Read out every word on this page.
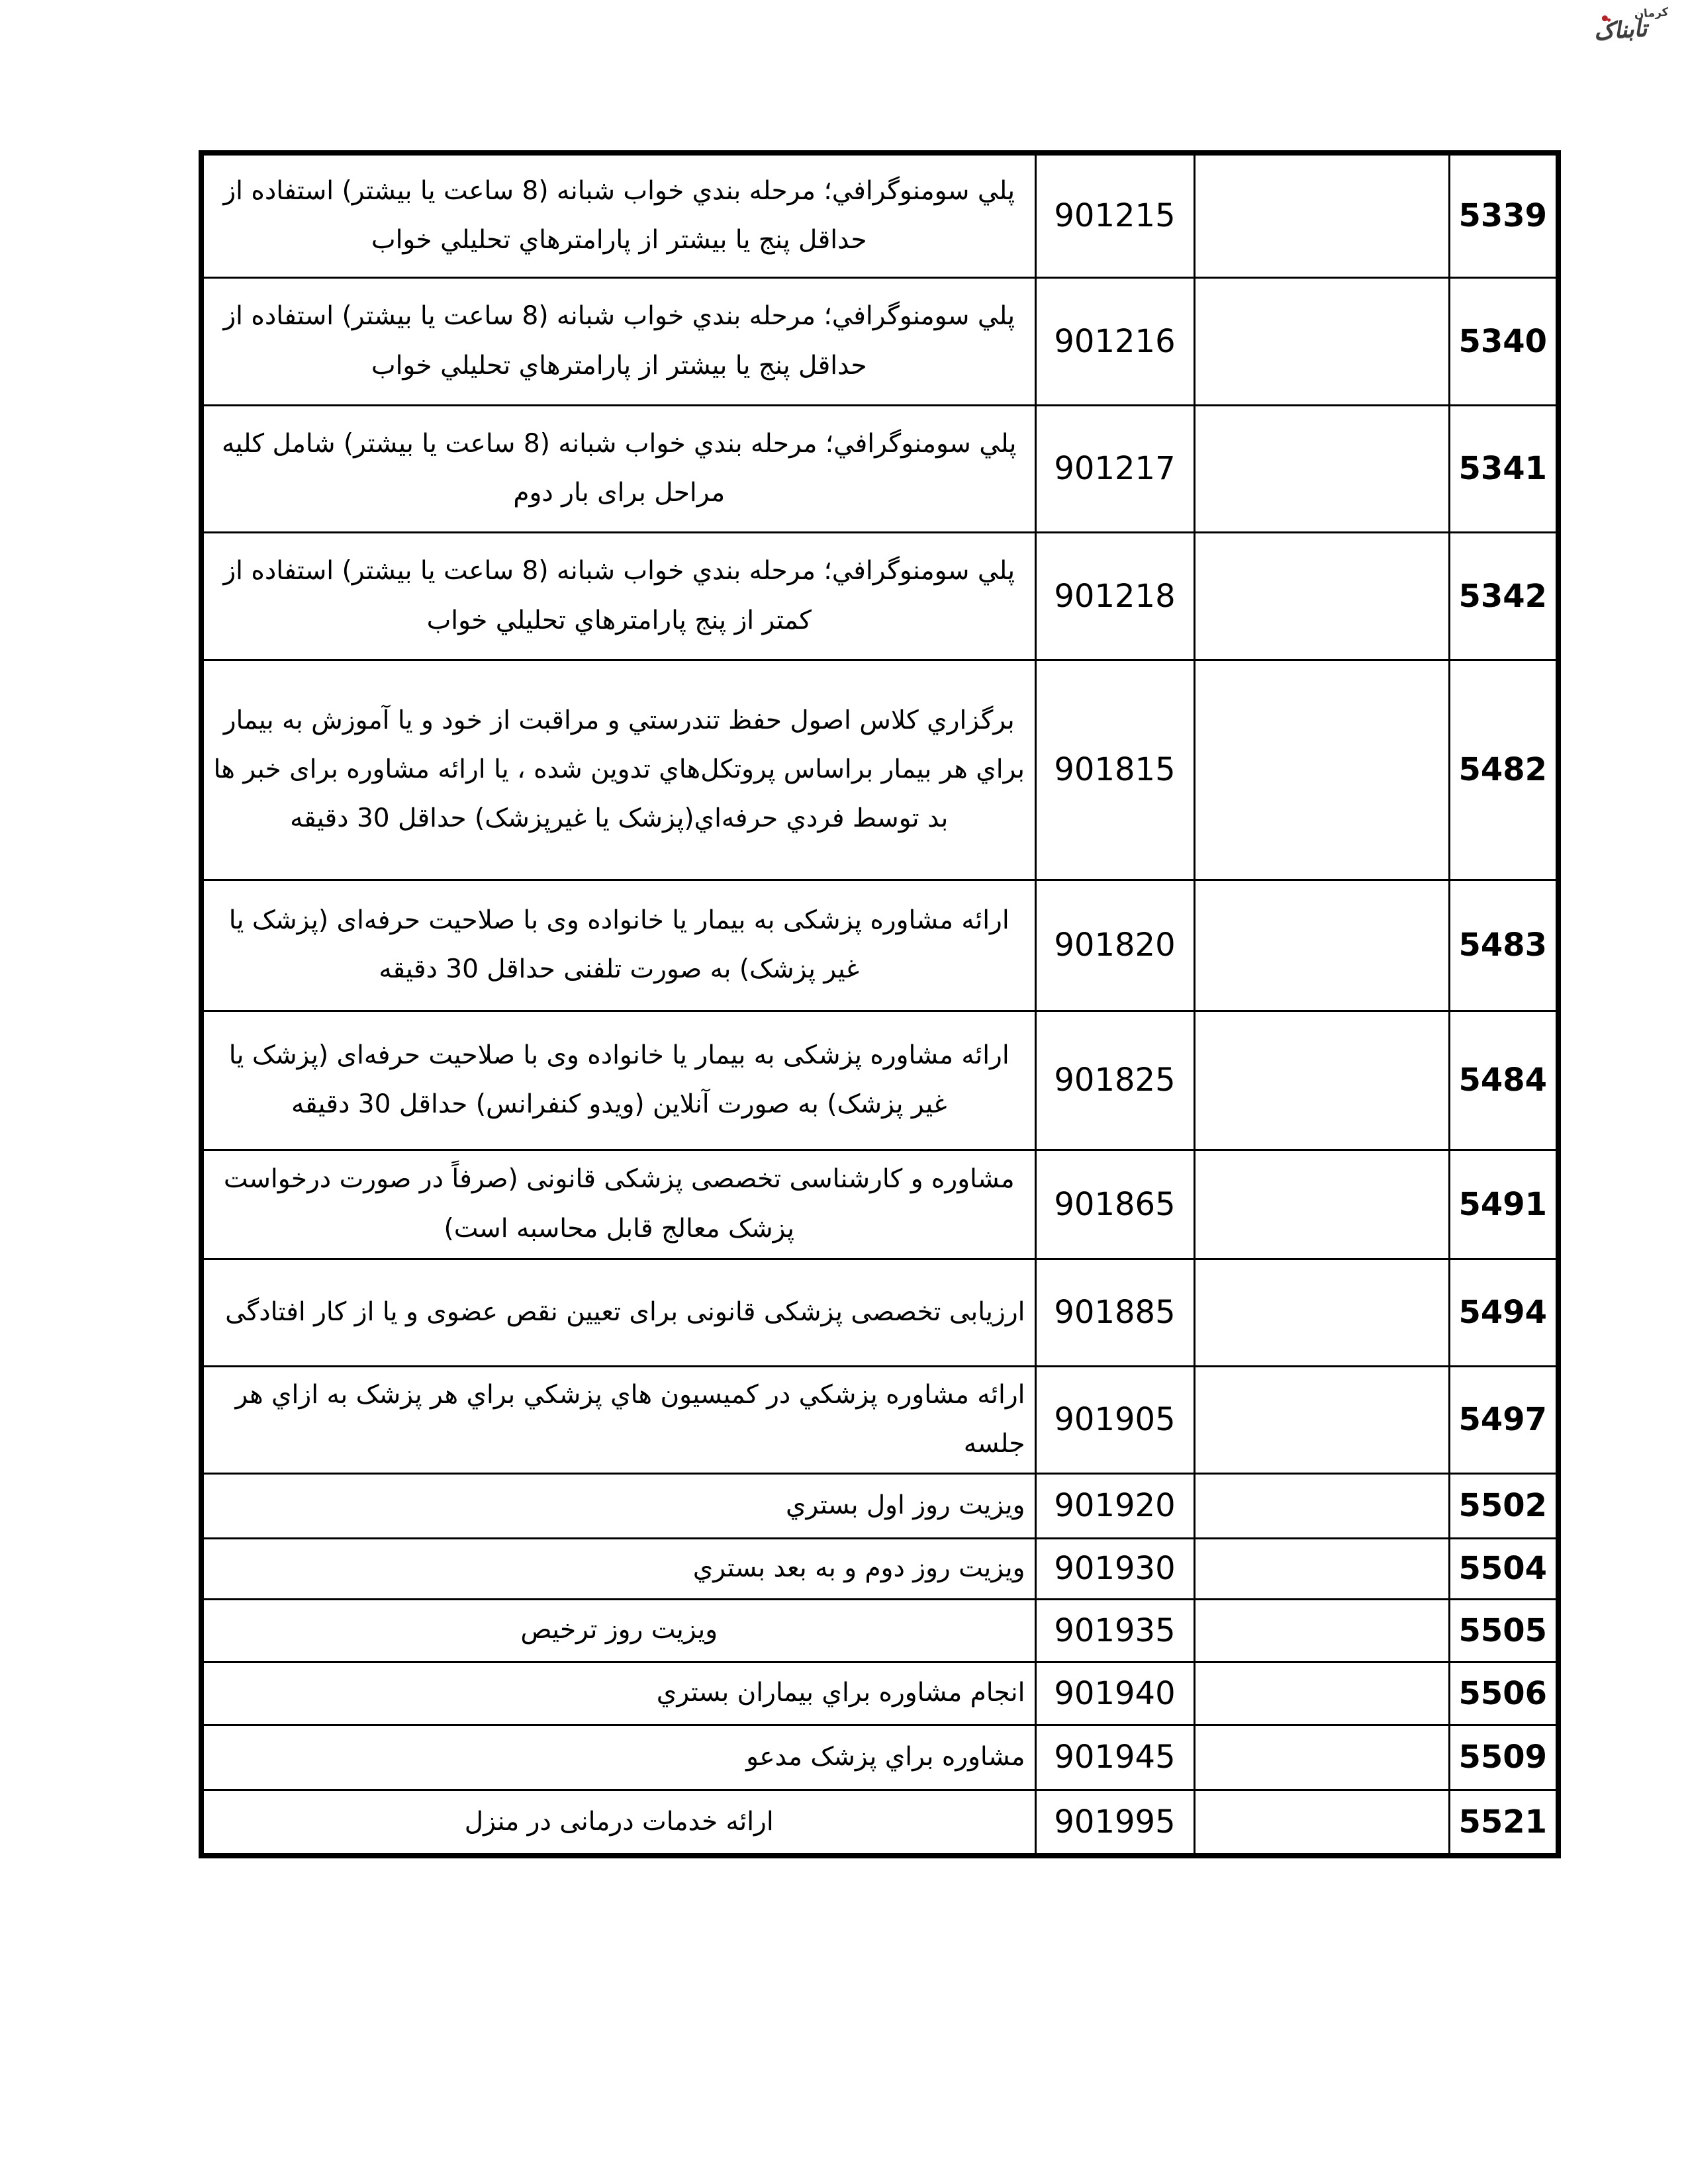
کرمان
تابناک
5339		901215	پلي سومنوگرافي؛ مرحله بندي خواب شبانه (8 ساعت يا بيشتر) استفاده از حداقل پنج يا بيشتر از پارامترهاي تحليلي خواب
5340		901216	پلي سومنوگرافي؛ مرحله بندي خواب شبانه (8 ساعت يا بيشتر) استفاده از حداقل پنج يا بيشتر از پارامترهاي تحليلي خواب
5341		901217	پلي سومنوگرافي؛ مرحله بندي خواب شبانه (8 ساعت يا بيشتر) شامل كليه مراحل برای بار دوم
5342		901218	پلي سومنوگرافي؛ مرحله بندي خواب شبانه (8 ساعت يا بيشتر) استفاده از كمتر از پنج پارامترهاي تحليلي خواب
5482		901815	برگزاري كلاس اصول حفظ تندرستي و مراقبت از خود و يا آموزش به بيمار براي هر بيمار براساس پروتكل‌هاي تدوين شده ، يا ارائه مشاوره برای خبر ها بد توسط فردي حرفه‌اي(پزشک يا غيرپزشک) حداقل 30 دقيقه
5483		901820	ارائه مشاوره پزشکی به بيمار يا خانواده وی با صلاحيت حرفه‌ای (پزشک يا غير پزشک) به صورت تلفنی حداقل 30 دقيقه
5484		901825	ارائه مشاوره پزشکی به بيمار يا خانواده وی با صلاحيت حرفه‌ای (پزشک يا غير پزشک) به صورت آنلاين (ويدو كنفرانس) حداقل 30 دقيقه
5491		901865	مشاوره و کارشناسی تخصصی پزشکی قانونی (صرفاً در صورت درخواست پزشک معالج قابل محاسبه است)
5494		901885	ارزيابی تخصصی پزشکی قانونی برای تعيين نقص عضوی و يا از کار افتادگی
5497		901905	ارائه مشاوره پزشكي در كميسيون هاي پزشكي براي هر پزشک به ازاي هر جلسه
5502		901920	ويزيت روز اول بستري
5504		901930	ويزيت روز دوم و به بعد بستري
5505		901935	ويزيت روز ترخيص
5506		901940	انجام مشاوره براي بيماران بستري
5509		901945	مشاوره براي پزشک مدعو
5521		901995	ارائه خدمات درمانی در منزل
